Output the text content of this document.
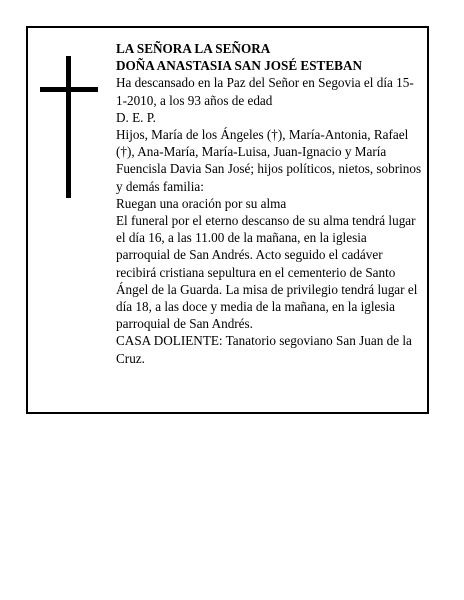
LA SEÑORA LA SEÑORA

DOÑA ANASTASIA SAN JOSÉ ESTEBAN

Ha descansado en la Paz del Señor en Segovia el día 15-1-2010, a los 93 años de edad

D. E. P.

Hijos, María de los Ángeles (†), María-Antonia, Rafael (†), Ana-María, María-Luisa, Juan-Ignacio y María Fuencisla Davia San José; hijos políticos, nietos, sobrinos y demás familia:

Ruegan una oración por su alma

El funeral por el eterno descanso de su alma tendrá lugar el día 16, a las 11.00 de la mañana, en la iglesia parroquial de San Andrés. Acto seguido el cadáver recibirá cristiana sepultura en el cementerio de Santo Ángel de la Guarda. La misa de privilegio tendrá lugar el día 18, a las doce y media de la mañana, en la iglesia parroquial de San Andrés.

CASA DOLIENTE: Tanatorio segoviano San Juan de la Cruz.
